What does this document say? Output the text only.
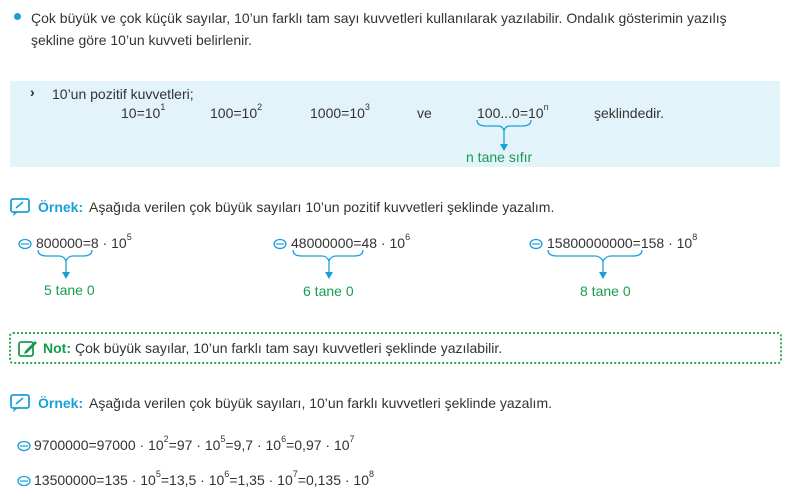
Çok büyük ve çok küçük sayılar, 10’un farklı tam sayı kuvvetleri kullanılarak yazılabilir. Ondalık gösterimin yazılış şekline göre 10’un kuvveti belirlenir.
› 10’un pozitif kuvvetleri;
$10=10^1$	$100=10^2$	$1000=10^3$	ve	$100...0=10^n$	şeklindedir.
n tane sıfır
Örnek: Aşağıda verilen çok büyük sayıları 10’un pozitif kuvvetleri şeklinde yazalım.
$800000=8 \cdot 10^5$
5 tane 0
$48000000=48 \cdot 10^6$
6 tane 0
$15800000000=158 \cdot 10^8$
8 tane 0
Not: Çok büyük sayılar, 10’un farklı tam sayı kuvvetleri şeklinde yazılabilir.
Örnek: Aşağıda verilen çok büyük sayıları, 10’un farklı kuvvetleri şeklinde yazalım.
$9700000=97000 \cdot 10^2=97 \cdot 10^5=9,7 \cdot 10^6=0,97 \cdot 10^7$
$13500000=135 \cdot 10^5=13,5 \cdot 10^6=1,35 \cdot 10^7=0,135 \cdot 10^8$
